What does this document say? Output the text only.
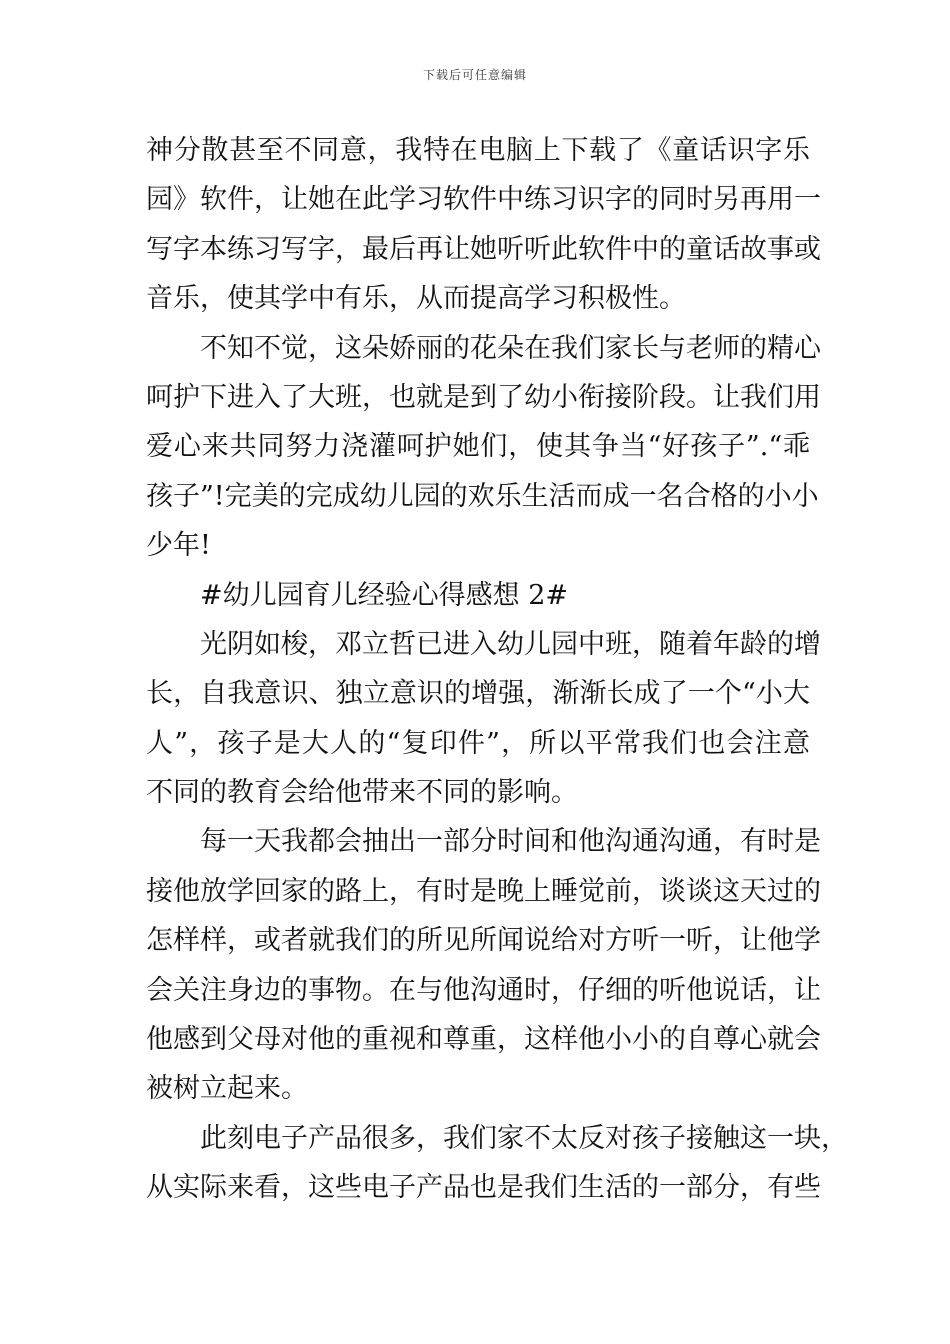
下载后可任意编辑
神分散甚至不同意，我特在电脑上下载了《童话识字乐
园》软件，让她在此学习软件中练习识字的同时另再用一
写字本练习写字，最后再让她听听此软件中的童话故事或
音乐，使其学中有乐，从而提高学习积极性。
不知不觉，这朵娇丽的花朵在我们家长与老师的精心
呵护下进入了大班，也就是到了幼小衔接阶段。让我们用
爱心来共同努力浇灌呵护她们，使其争当“好孩子”.“乖
孩子”!完美的完成幼儿园的欢乐生活而成一名合格的小小
少年!
#幼儿园育儿经验心得感想 2#
光阴如梭，邓立哲已进入幼儿园中班，随着年龄的增
长，自我意识、独立意识的增强，渐渐长成了一个“小大
人”，孩子是大人的“复印件”，所以平常我们也会注意
不同的教育会给他带来不同的影响。
每一天我都会抽出一部分时间和他沟通沟通，有时是
接他放学回家的路上，有时是晚上睡觉前，谈谈这天过的
怎样样，或者就我们的所见所闻说给对方听一听，让他学
会关注身边的事物。在与他沟通时，仔细的听他说话，让
他感到父母对他的重视和尊重，这样他小小的自尊心就会
被树立起来。
此刻电子产品很多，我们家不太反对孩子接触这一块，
从实际来看，这些电子产品也是我们生活的一部分，有些
